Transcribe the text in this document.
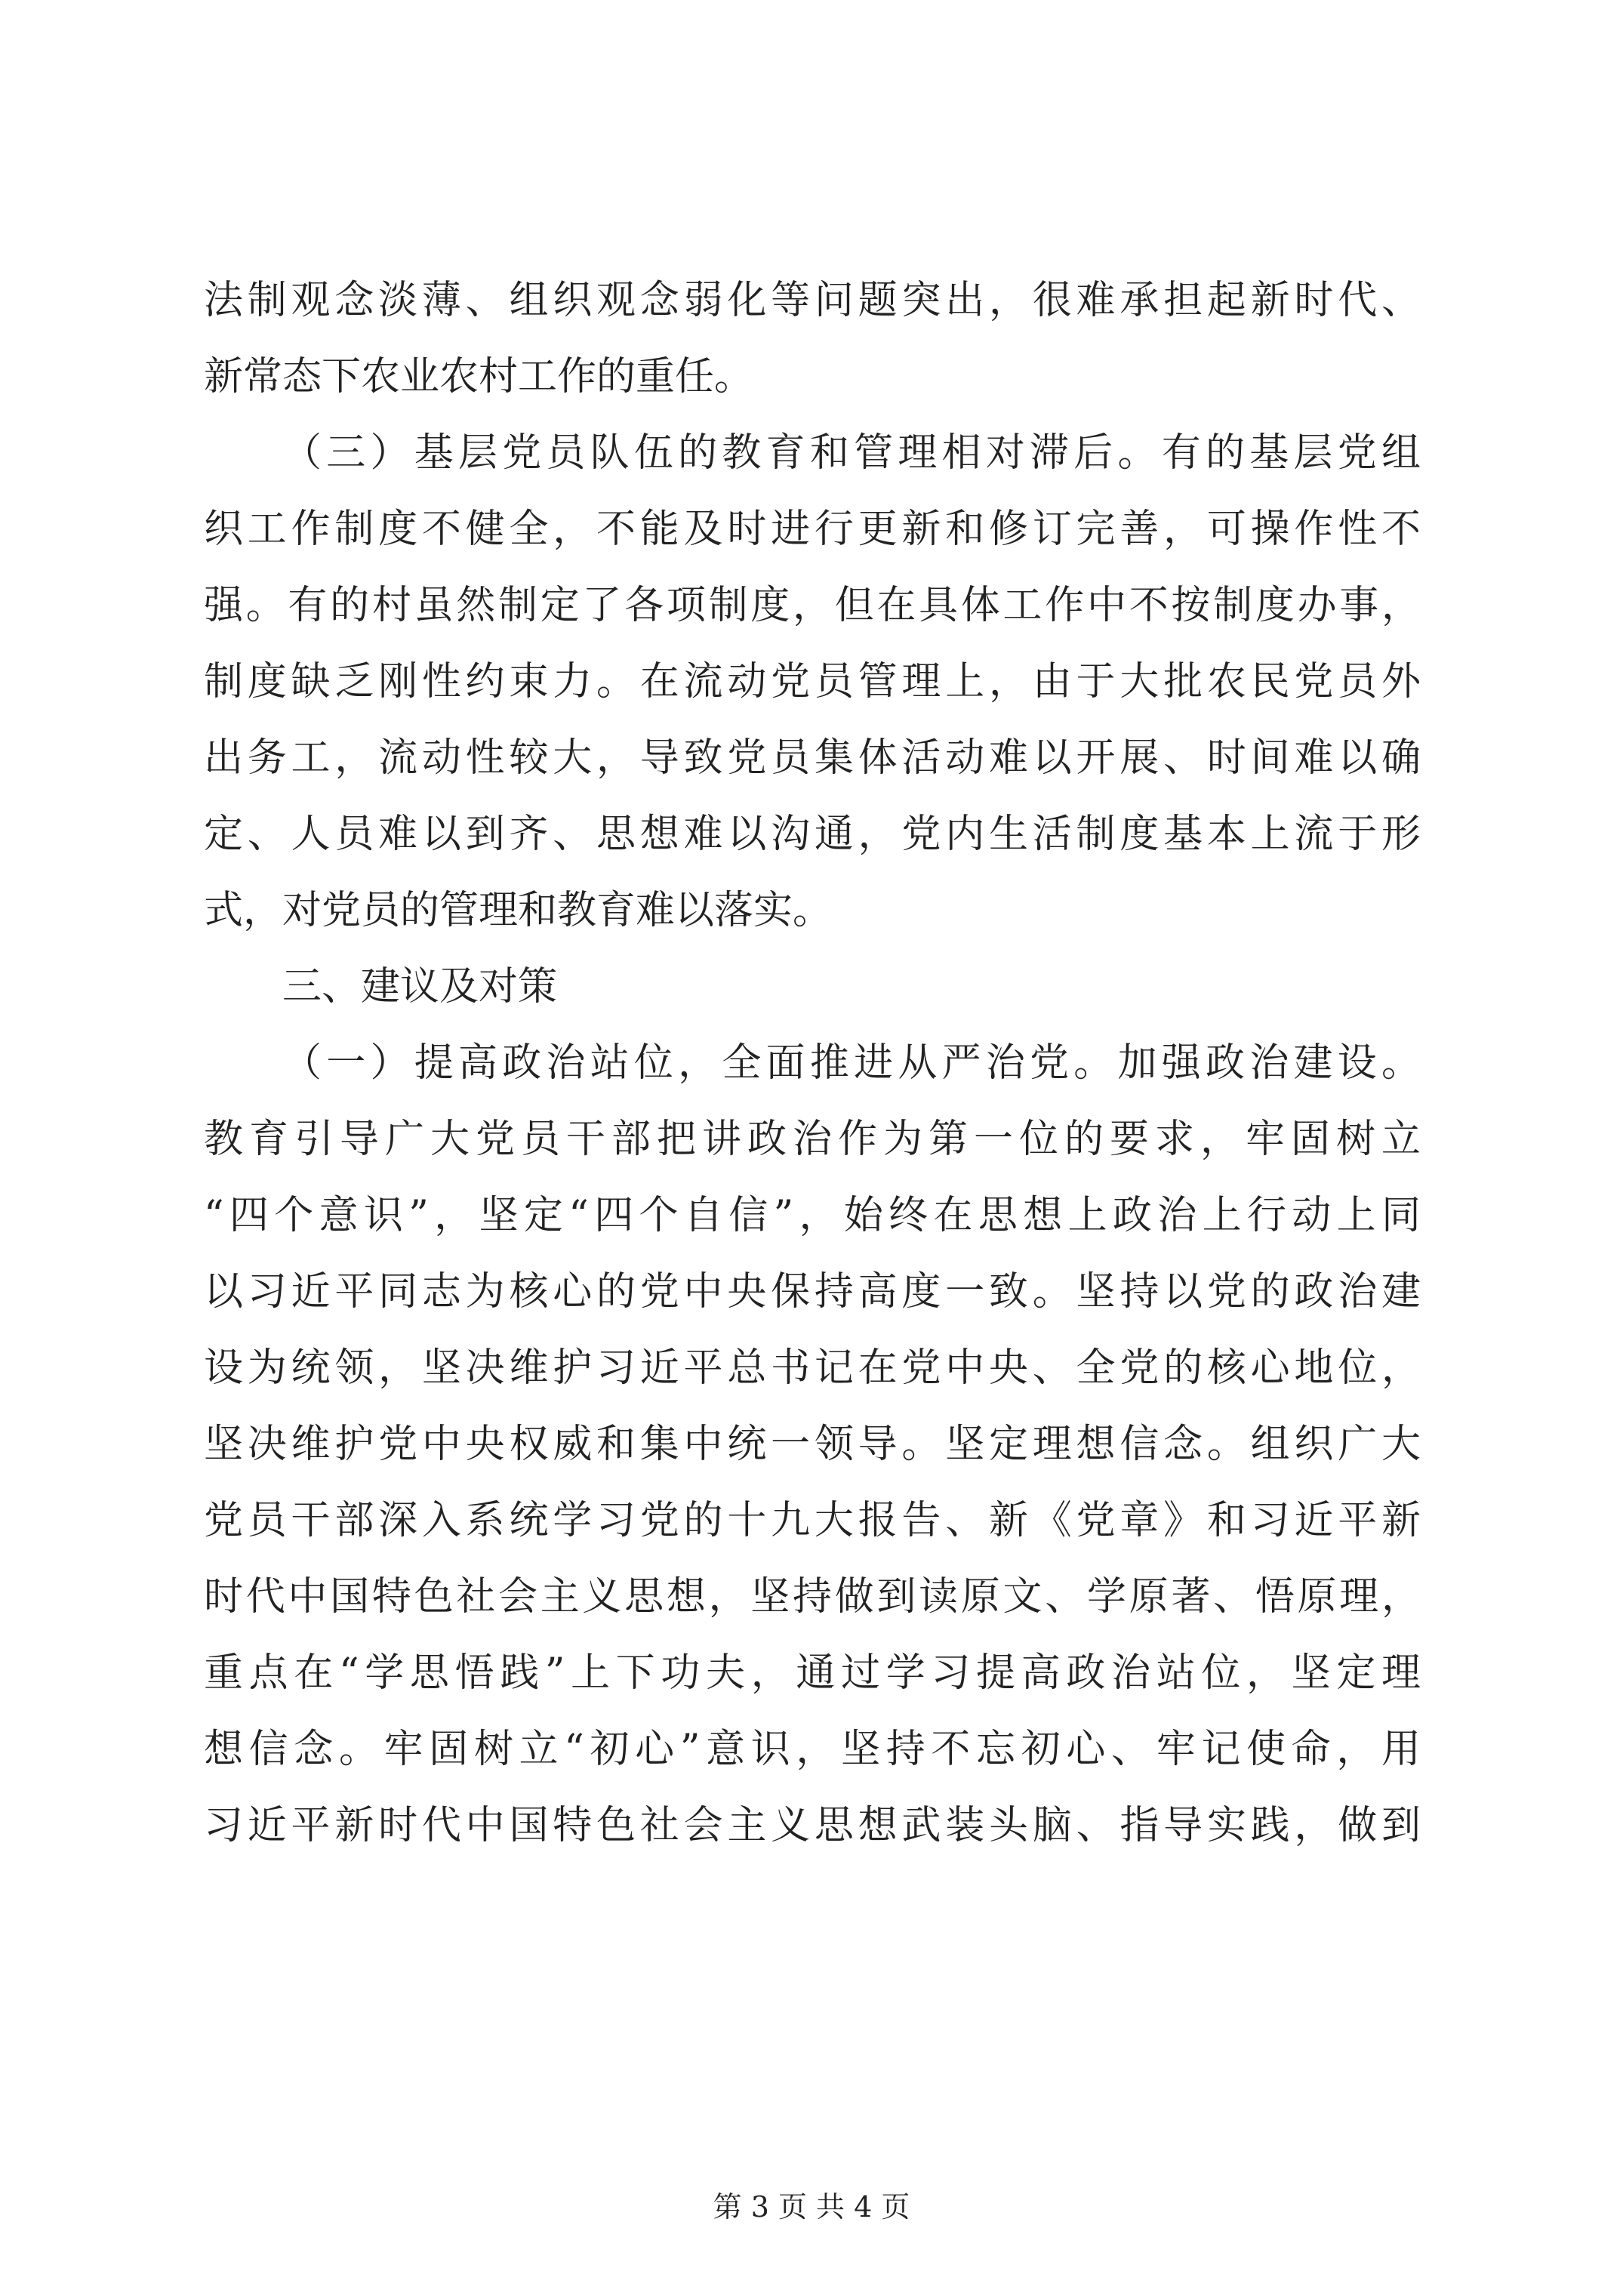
法制观念淡薄、组织观念弱化等问题突出，很难承担起新时代、
新常态下农业农村工作的重任。
（三）基层党员队伍的教育和管理相对滞后。有的基层党组
织工作制度不健全，不能及时进行更新和修订完善，可操作性不
强。有的村虽然制定了各项制度，但在具体工作中不按制度办事，
制度缺乏刚性约束力。在流动党员管理上，由于大批农民党员外
出务工，流动性较大，导致党员集体活动难以开展、时间难以确
定、人员难以到齐、思想难以沟通，党内生活制度基本上流于形
式，对党员的管理和教育难以落实。
三、建议及对策
（一）提高政治站位，全面推进从严治党。加强政治建设。
教育引导广大党员干部把讲政治作为第一位的要求，牢固树立
“四个意识”，坚定“四个自信”，始终在思想上政治上行动上同
以习近平同志为核心的党中央保持高度一致。坚持以党的政治建
设为统领，坚决维护习近平总书记在党中央、全党的核心地位，
坚决维护党中央权威和集中统一领导。坚定理想信念。组织广大
党员干部深入系统学习党的十九大报告、新《党章》和习近平新
时代中国特色社会主义思想，坚持做到读原文、学原著、悟原理，
重点在“学思悟践”上下功夫，通过学习提高政治站位，坚定理
想信念。牢固树立“初心”意识，坚持不忘初心、牢记使命，用
习近平新时代中国特色社会主义思想武装头脑、指导实践，做到
第 3 页 共 4 页
